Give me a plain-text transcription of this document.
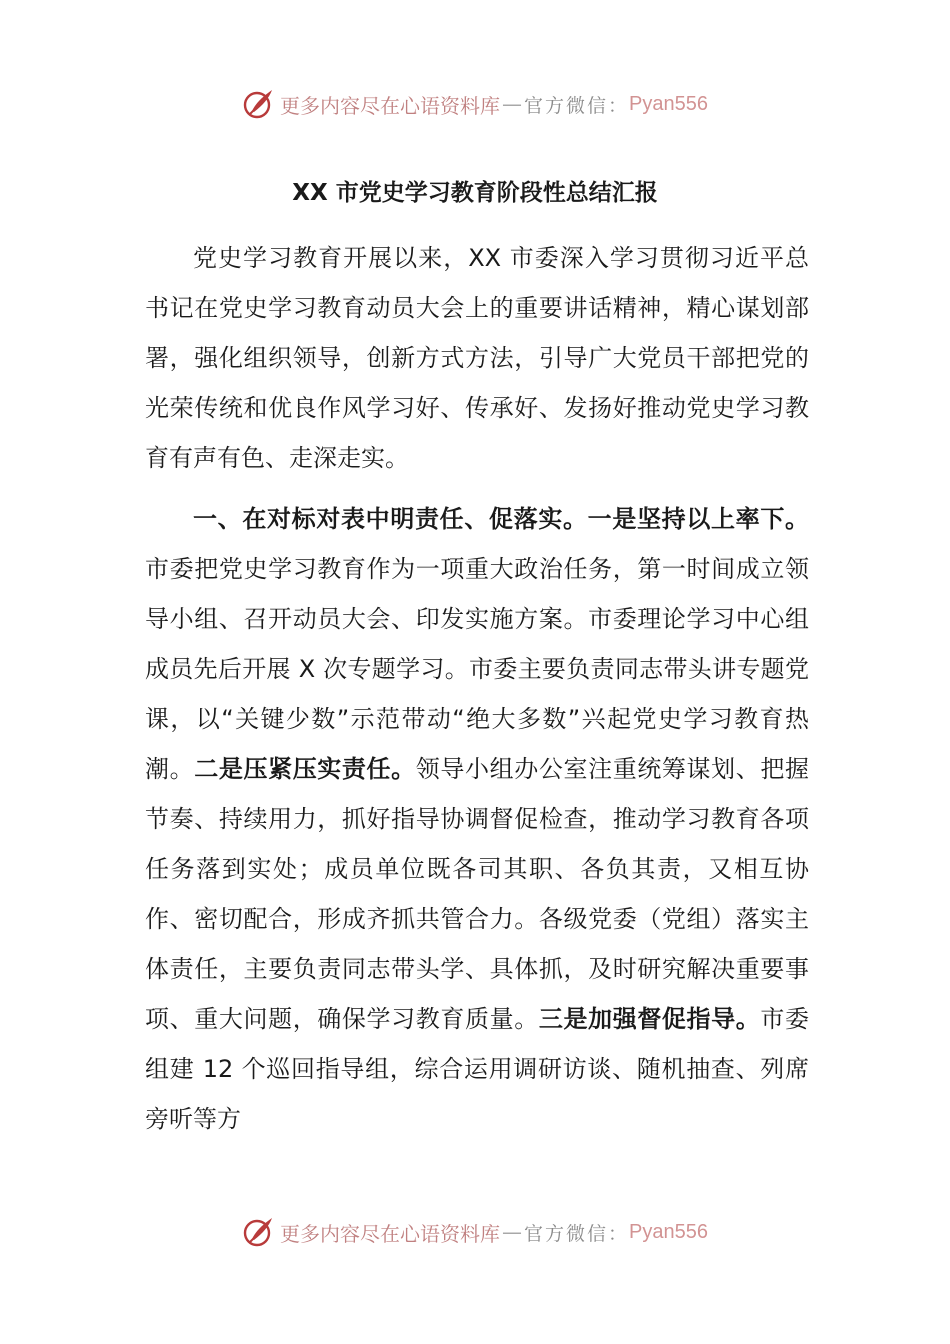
更多内容尽在心语资料库 — 官方微信： Pyan556
XX 市党史学习教育阶段性总结汇报

党史学习教育开展以来，XX 市委深入学习贯彻习近平总书记在党史学习教育动员大会上的重要讲话精神，精心谋划部署，强化组织领导，创新方式方法，引导广大党员干部把党的光荣传统和优良作风学习好、传承好、发扬好推动党史学习教育有声有色、走深走实。

一、在对标对表中明责任、促落实。一是坚持以上率下。市委把党史学习教育作为一项重大政治任务，第一时间成立领导小组、召开动员大会、印发实施方案。市委理论学习中心组成员先后开展 X 次专题学习。市委主要负责同志带头讲专题党课，以“关键少数”示范带动“绝大多数”兴起党史学习教育热潮。二是压紧压实责任。领导小组办公室注重统筹谋划、把握节奏、持续用力，抓好指导协调督促检查，推动学习教育各项任务落到实处；成员单位既各司其职、各负其责，又相互协作、密切配合，形成齐抓共管合力。各级党委（党组）落实主体责任，主要负责同志带头学、具体抓，及时研究解决重要事项、重大问题，确保学习教育质量。三是加强督促指导。市委组建 12 个巡回指导组，综合运用调研访谈、随机抽查、列席旁听等方

更多内容尽在心语资料库 — 官方微信： Pyan556
